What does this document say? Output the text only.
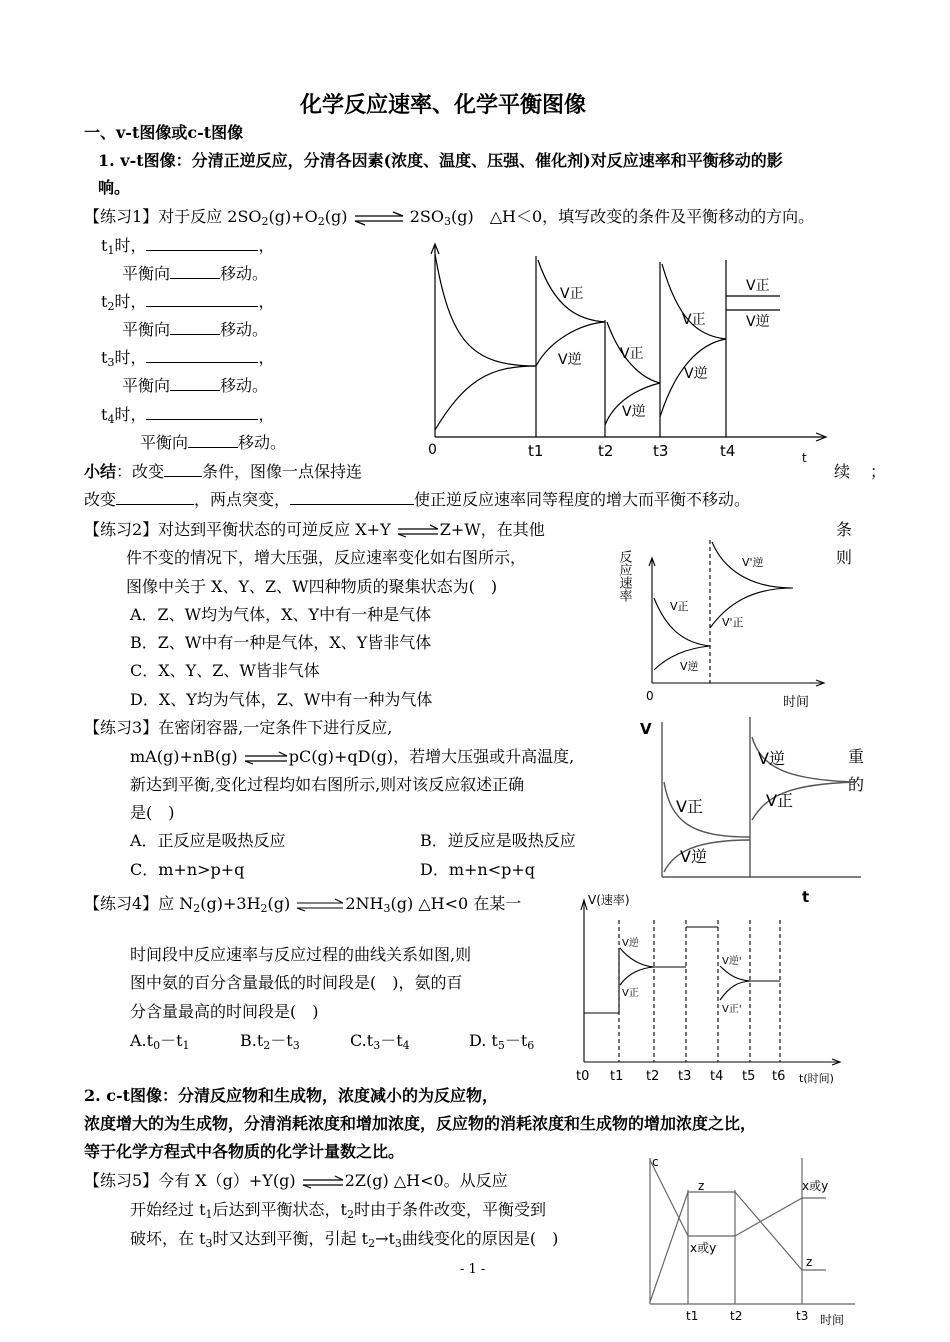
化学反应速率、化学平衡图像
一、v-t图像或c-t图像
1. v-t图像：分清正逆反应，分清各因素(浓度、温度、压强、催化剂)对反应速率和平衡移动的影
响。
【练习1】对于反应 $2SO_2(g)+O_2(g)$ ⇌ $2SO_3(g)$　△H＜0，填写改变的条件及平衡移动的方向。
$t_1$时，	，
平衡向	移动。
$t_2$时，	，
平衡向	移动。
$t_3$时，	，
平衡向	移动。
$t_4$时，	，
平衡向	移动。	0	t1	t2	t3	t4	t
V正
V逆	V正
V逆
V正
V逆
V正
V逆
小结：改变 条件，图像一点保持连	续；
改变	，两点突变，	使正逆反应速率同等程度的增大而平衡不移动。
【练习2】对达到平衡状态的可逆反应 X+Y ⇌Z+W，在其他	条
件不变的情况下，增大压强，反应速率变化如右图所示，	则
图像中关于 X、Y、Z、W四种物质的聚集状态为(　)
A．Z、W均为气体，X、Y中有一种是气体
B．Z、W中有一种是气体，X、Y皆非气体
C．X、Y、Z、W皆非气体
D．X、Y均为气体，Z、W中有一种为气体
反应速率
0	时间
V正
V逆
V'逆
V'正
【练习3】在密闭容器,一定条件下进行反应,
mA(g)+nB(g) ⇌pC(g)+qD(g)，若增大压强或升高温度,	重
新达到平衡,变化过程均如右图所示,则对该反应叙述正确	的
是(　)
A．正反应是吸热反应	B．逆反应是吸热反应
C．m+n>p+q	D．m+n<p+q
V
t
V正
V逆
V逆
V正
【练习4】应 $N_2(g)+3H_2(g)$ $\rightleftharpoons 2NH_3(g)$ △H<0 在某一
时间段中反应速率与反应过程的曲线关系如图,则
图中氨的百分含量最低的时间段是(　)，氨的百
分含量最高的时间段是(　)
$A.t_0-t_1$	$B.t_2-t_3$	$C.t_3-t_4$	D. $t_5-t_6$
V(速率)
V逆
V正
V逆'
V正'
t0 t1 t2 t3 t4 t5 t6 t(时间)
2. c-t图像：分清反应物和生成物，浓度减小的为反应物，
浓度增大的为生成物，分清消耗浓度和增加浓度，反应物的消耗浓度和生成物的增加浓度之比，
等于化学方程式中各物质的化学计量数之比。
【练习5】今有 X（g）+Y(g) ⇌2Z(g) △H<0。从反应
开始经过 $t_1$后达到平衡状态，$t_2$时由于条件改变，平衡受到
破坏，在 $t_3$时又达到平衡，引起 $t_2\to t_3$曲线变化的原因是(　)
c
z
x或y
x或y
z
t1	t2	t3 时间
- 1 -
